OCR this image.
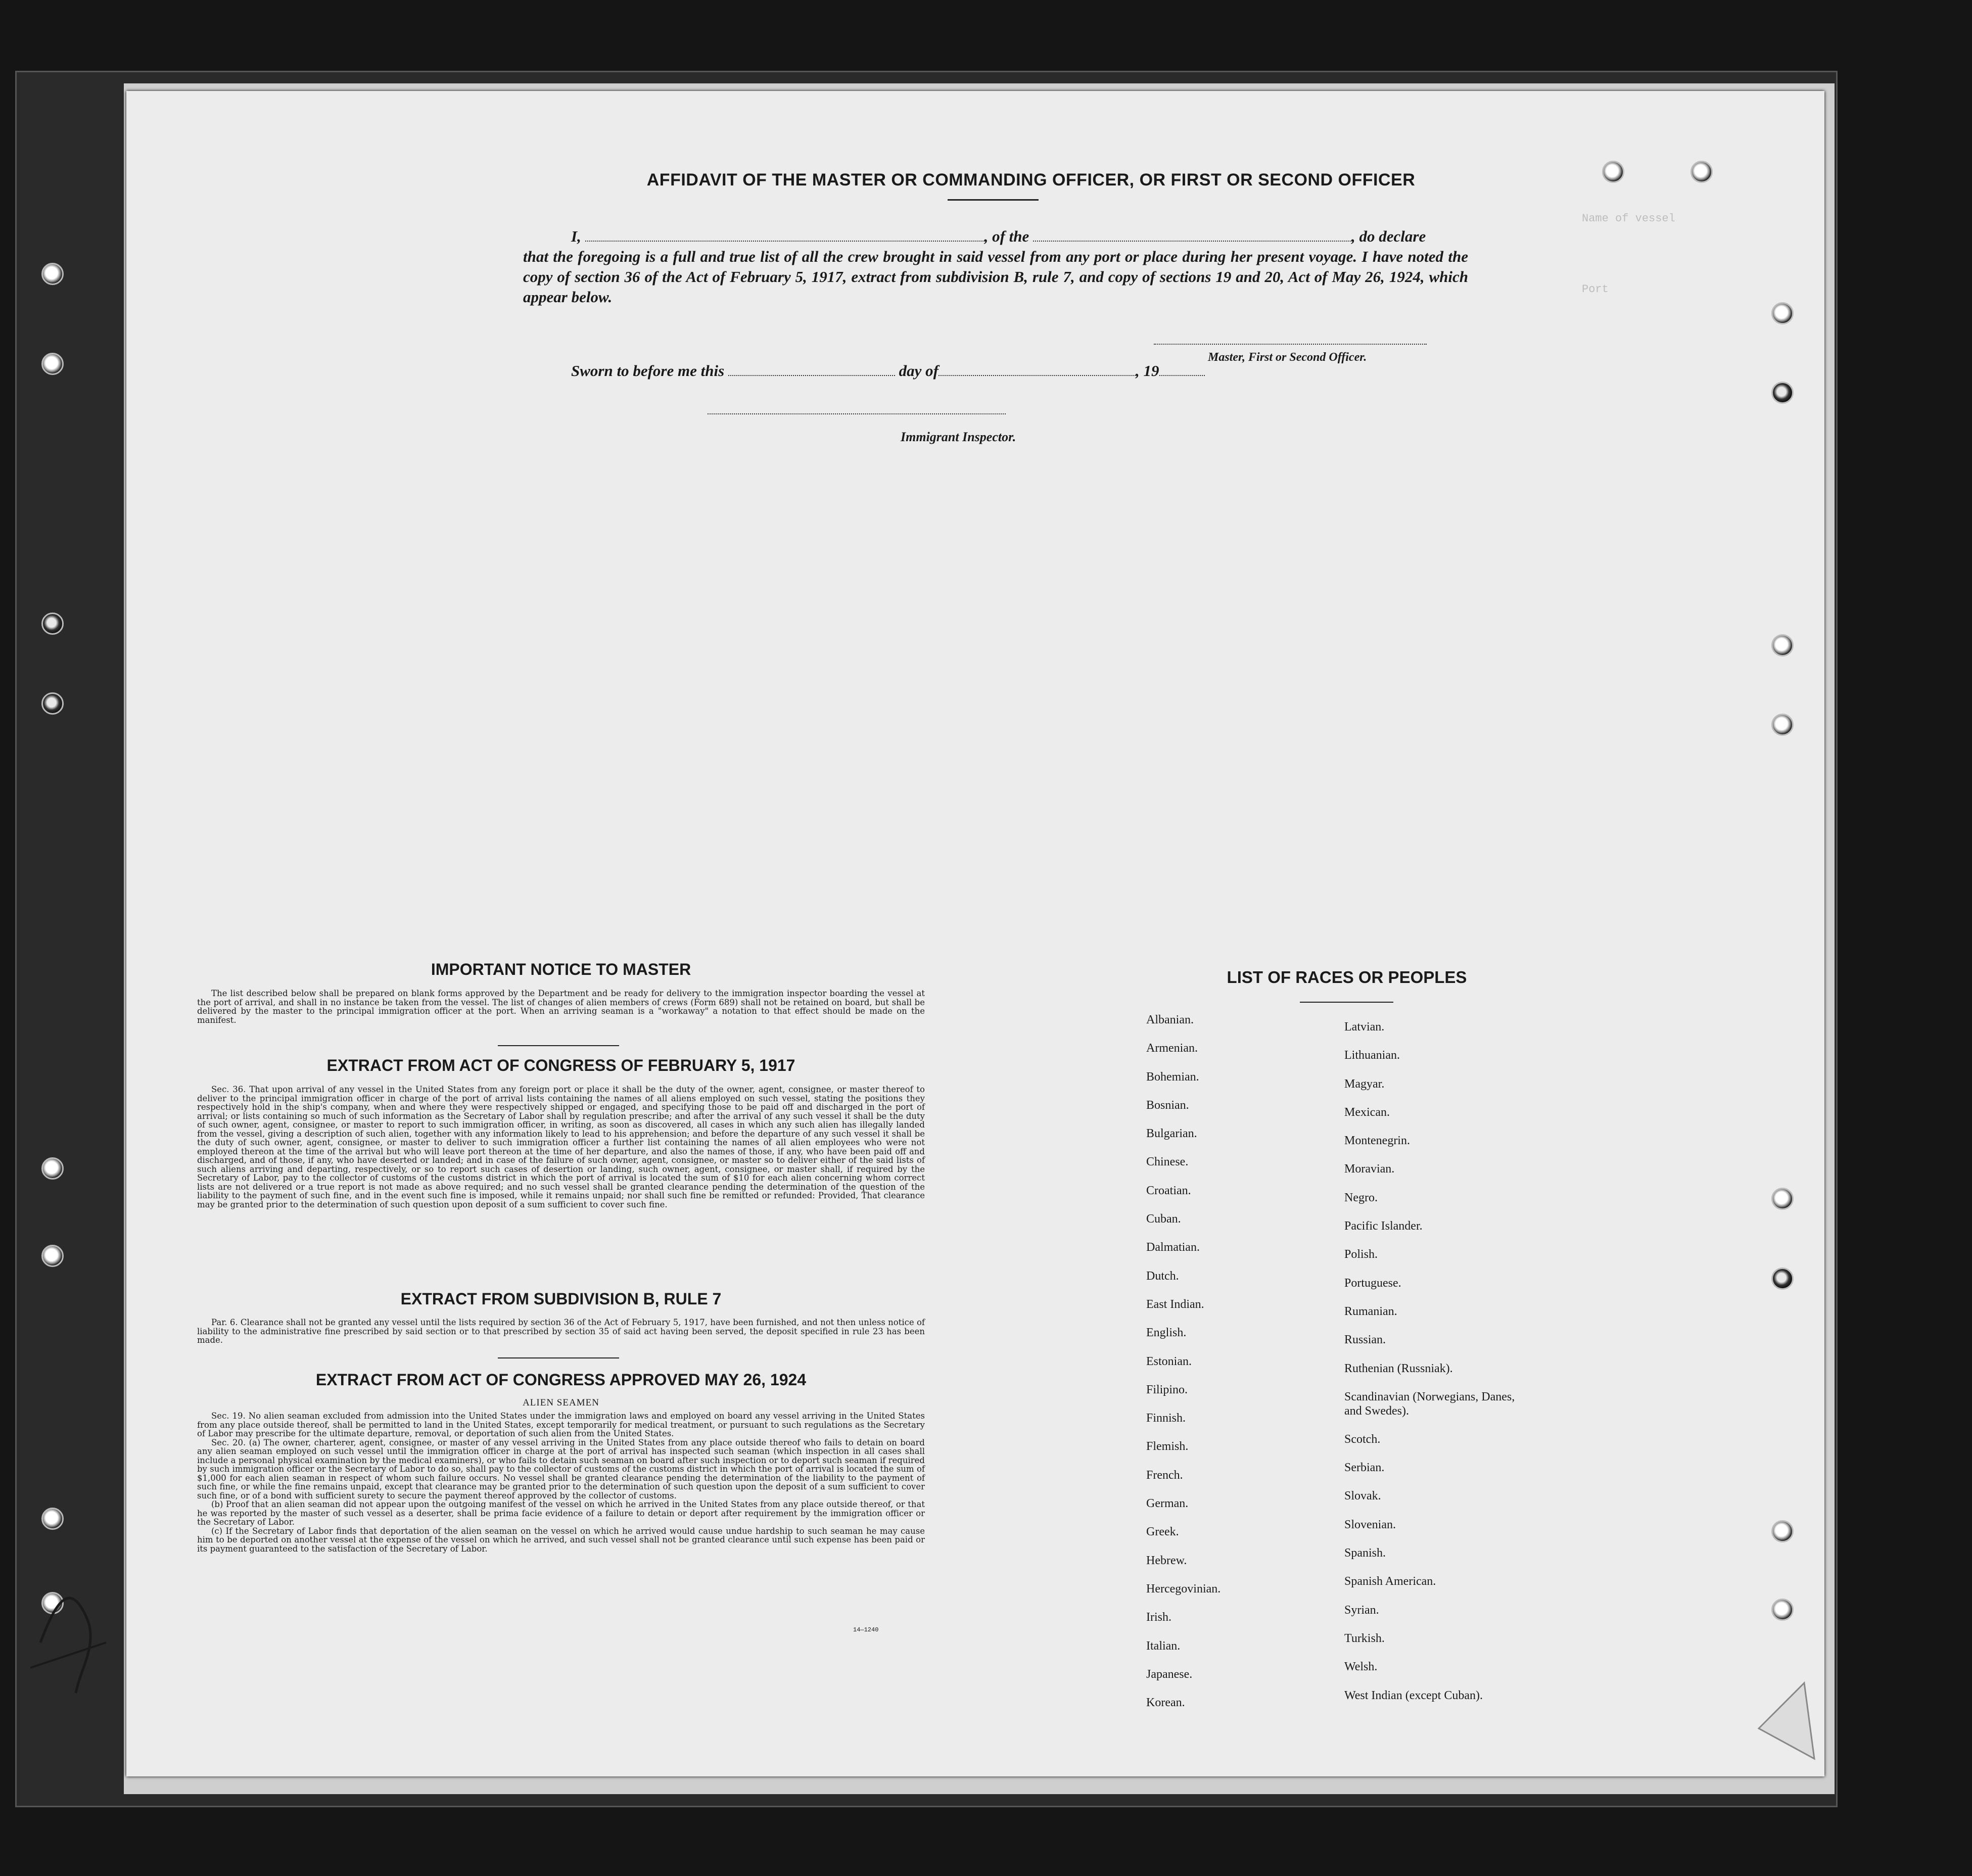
AFFIDAVIT OF THE MASTER OR COMMANDING OFFICER, OR FIRST OR SECOND OFFICER
I,	, of the	, do declare
that the foregoing is a full and true list of all the crew brought in said vessel from any port or place during her present voyage. I have noted the copy of section 36 of the Act of February 5, 1917, extract from subdivision B, rule 7, and copy of sections 19 and 20, Act of May 26, 1924, which appear below.
Master, First or Second Officer.
Sworn to before me this	day of	, 19
Immigrant Inspector.
IMPORTANT NOTICE TO MASTER

The list described below shall be prepared on blank forms approved by the Department and be ready for delivery to the immigration inspector boarding the vessel at the port of arrival, and shall in no instance be taken from the vessel. The list of changes of alien members of crews (Form 689) shall not be retained on board, but shall be delivered by the master to the principal immigration officer at the port. When an arriving seaman is a "workaway" a notation to that effect should be made on the manifest.

EXTRACT FROM ACT OF CONGRESS OF FEBRUARY 5, 1917

Sec. 36. That upon arrival of any vessel in the United States from any foreign port or place it shall be the duty of the owner, agent, consignee, or master thereof to deliver to the principal immigration officer in charge of the port of arrival lists containing the names of all aliens employed on such vessel, stating the positions they respectively hold in the ship's company, when and where they were respectively shipped or engaged, and specifying those to be paid off and discharged in the port of arrival; or lists containing so much of such information as the Secretary of Labor shall by regulation prescribe; and after the arrival of any such vessel it shall be the duty of such owner, agent, consignee, or master to report to such immigration officer, in writing, as soon as discovered, all cases in which any such alien has illegally landed from the vessel, giving a description of such alien, together with any information likely to lead to his apprehension; and before the departure of any such vessel it shall be the duty of such owner, agent, consignee, or master to deliver to such immigration officer a further list containing the names of all alien employees who were not employed thereon at the time of the arrival but who will leave port thereon at the time of her departure, and also the names of those, if any, who have been paid off and discharged, and of those, if any, who have deserted or landed; and in case of the failure of such owner, agent, consignee, or master so to deliver either of the said lists of such aliens arriving and departing, respectively, or so to report such cases of desertion or landing, such owner, agent, consignee, or master shall, if required by the Secretary of Labor, pay to the collector of customs of the customs district in which the port of arrival is located the sum of $10 for each alien concerning whom correct lists are not delivered or a true report is not made as above required; and no such vessel shall be granted clearance pending the determination of the question of the liability to the payment of such fine, and in the event such fine is imposed, while it remains unpaid; nor shall such fine be remitted or refunded: Provided, That clearance may be granted prior to the determination of such question upon deposit of a sum sufficient to cover such fine.

EXTRACT FROM SUBDIVISION B, RULE 7

Par. 6. Clearance shall not be granted any vessel until the lists required by section 36 of the Act of February 5, 1917, have been furnished, and not then unless notice of liability to the administrative fine prescribed by said section or to that prescribed by section 35 of said act having been served, the deposit specified in rule 23 has been made.

EXTRACT FROM ACT OF CONGRESS APPROVED MAY 26, 1924
ALIEN SEAMEN

Sec. 19. No alien seaman excluded from admission into the United States under the immigration laws and employed on board any vessel arriving in the United States from any place outside thereof, shall be permitted to land in the United States, except temporarily for medical treatment, or pursuant to such regulations as the Secretary of Labor may prescribe for the ultimate departure, removal, or deportation of such alien from the United States.

Sec. 20. (a) The owner, charterer, agent, consignee, or master of any vessel arriving in the United States from any place outside thereof who fails to detain on board any alien seaman employed on such vessel until the immigration officer in charge at the port of arrival has inspected such seaman (which inspection in all cases shall include a personal physical examination by the medical examiners), or who fails to detain such seaman on board after such inspection or to deport such seaman if required by such immigration officer or the Secretary of Labor to do so, shall pay to the collector of customs of the customs district in which the port of arrival is located the sum of $1,000 for each alien seaman in respect of whom such failure occurs. No vessel shall be granted clearance pending the determination of the liability to the payment of such fine, or while the fine remains unpaid, except that clearance may be granted prior to the determination of such question upon the deposit of a sum sufficient to cover such fine, or of a bond with sufficient surety to secure the payment thereof approved by the collector of customs.

(b) Proof that an alien seaman did not appear upon the outgoing manifest of the vessel on which he arrived in the United States from any place outside thereof, or that he was reported by the master of such vessel as a deserter, shall be prima facie evidence of a failure to detain or deport after requirement by the immigration officer or the Secretary of Labor.

(c) If the Secretary of Labor finds that deportation of the alien seaman on the vessel on which he arrived would cause undue hardship to such seaman he may cause him to be deported on another vessel at the expense of the vessel on which he arrived, and such vessel shall not be granted clearance until such expense has been paid or its payment guaranteed to the satisfaction of the Secretary of Labor.

14—1240
LIST OF RACES OR PEOPLES
Albanian.
Armenian.
Bohemian.
Bosnian.
Bulgarian.
Chinese.
Croatian.
Cuban.
Dalmatian.
Dutch.
East Indian.
English.
Estonian.
Filipino.
Finnish.
Flemish.
French.
German.
Greek.
Hebrew.
Hercegovinian.
Irish.
Italian.
Japanese.
Korean.
Latvian.
Lithuanian.
Magyar.
Mexican.
Montenegrin.
Moravian.
Negro.
Pacific Islander.
Polish.
Portuguese.
Rumanian.
Russian.
Ruthenian (Russniak).
Scandinavian (Norwegians, Danes, and Swedes).
Scotch.
Serbian.
Slovak.
Slovenian.
Spanish.
Spanish American.
Syrian.
Turkish.
Welsh.
West Indian (except Cuban).
Name of vessel
Port
